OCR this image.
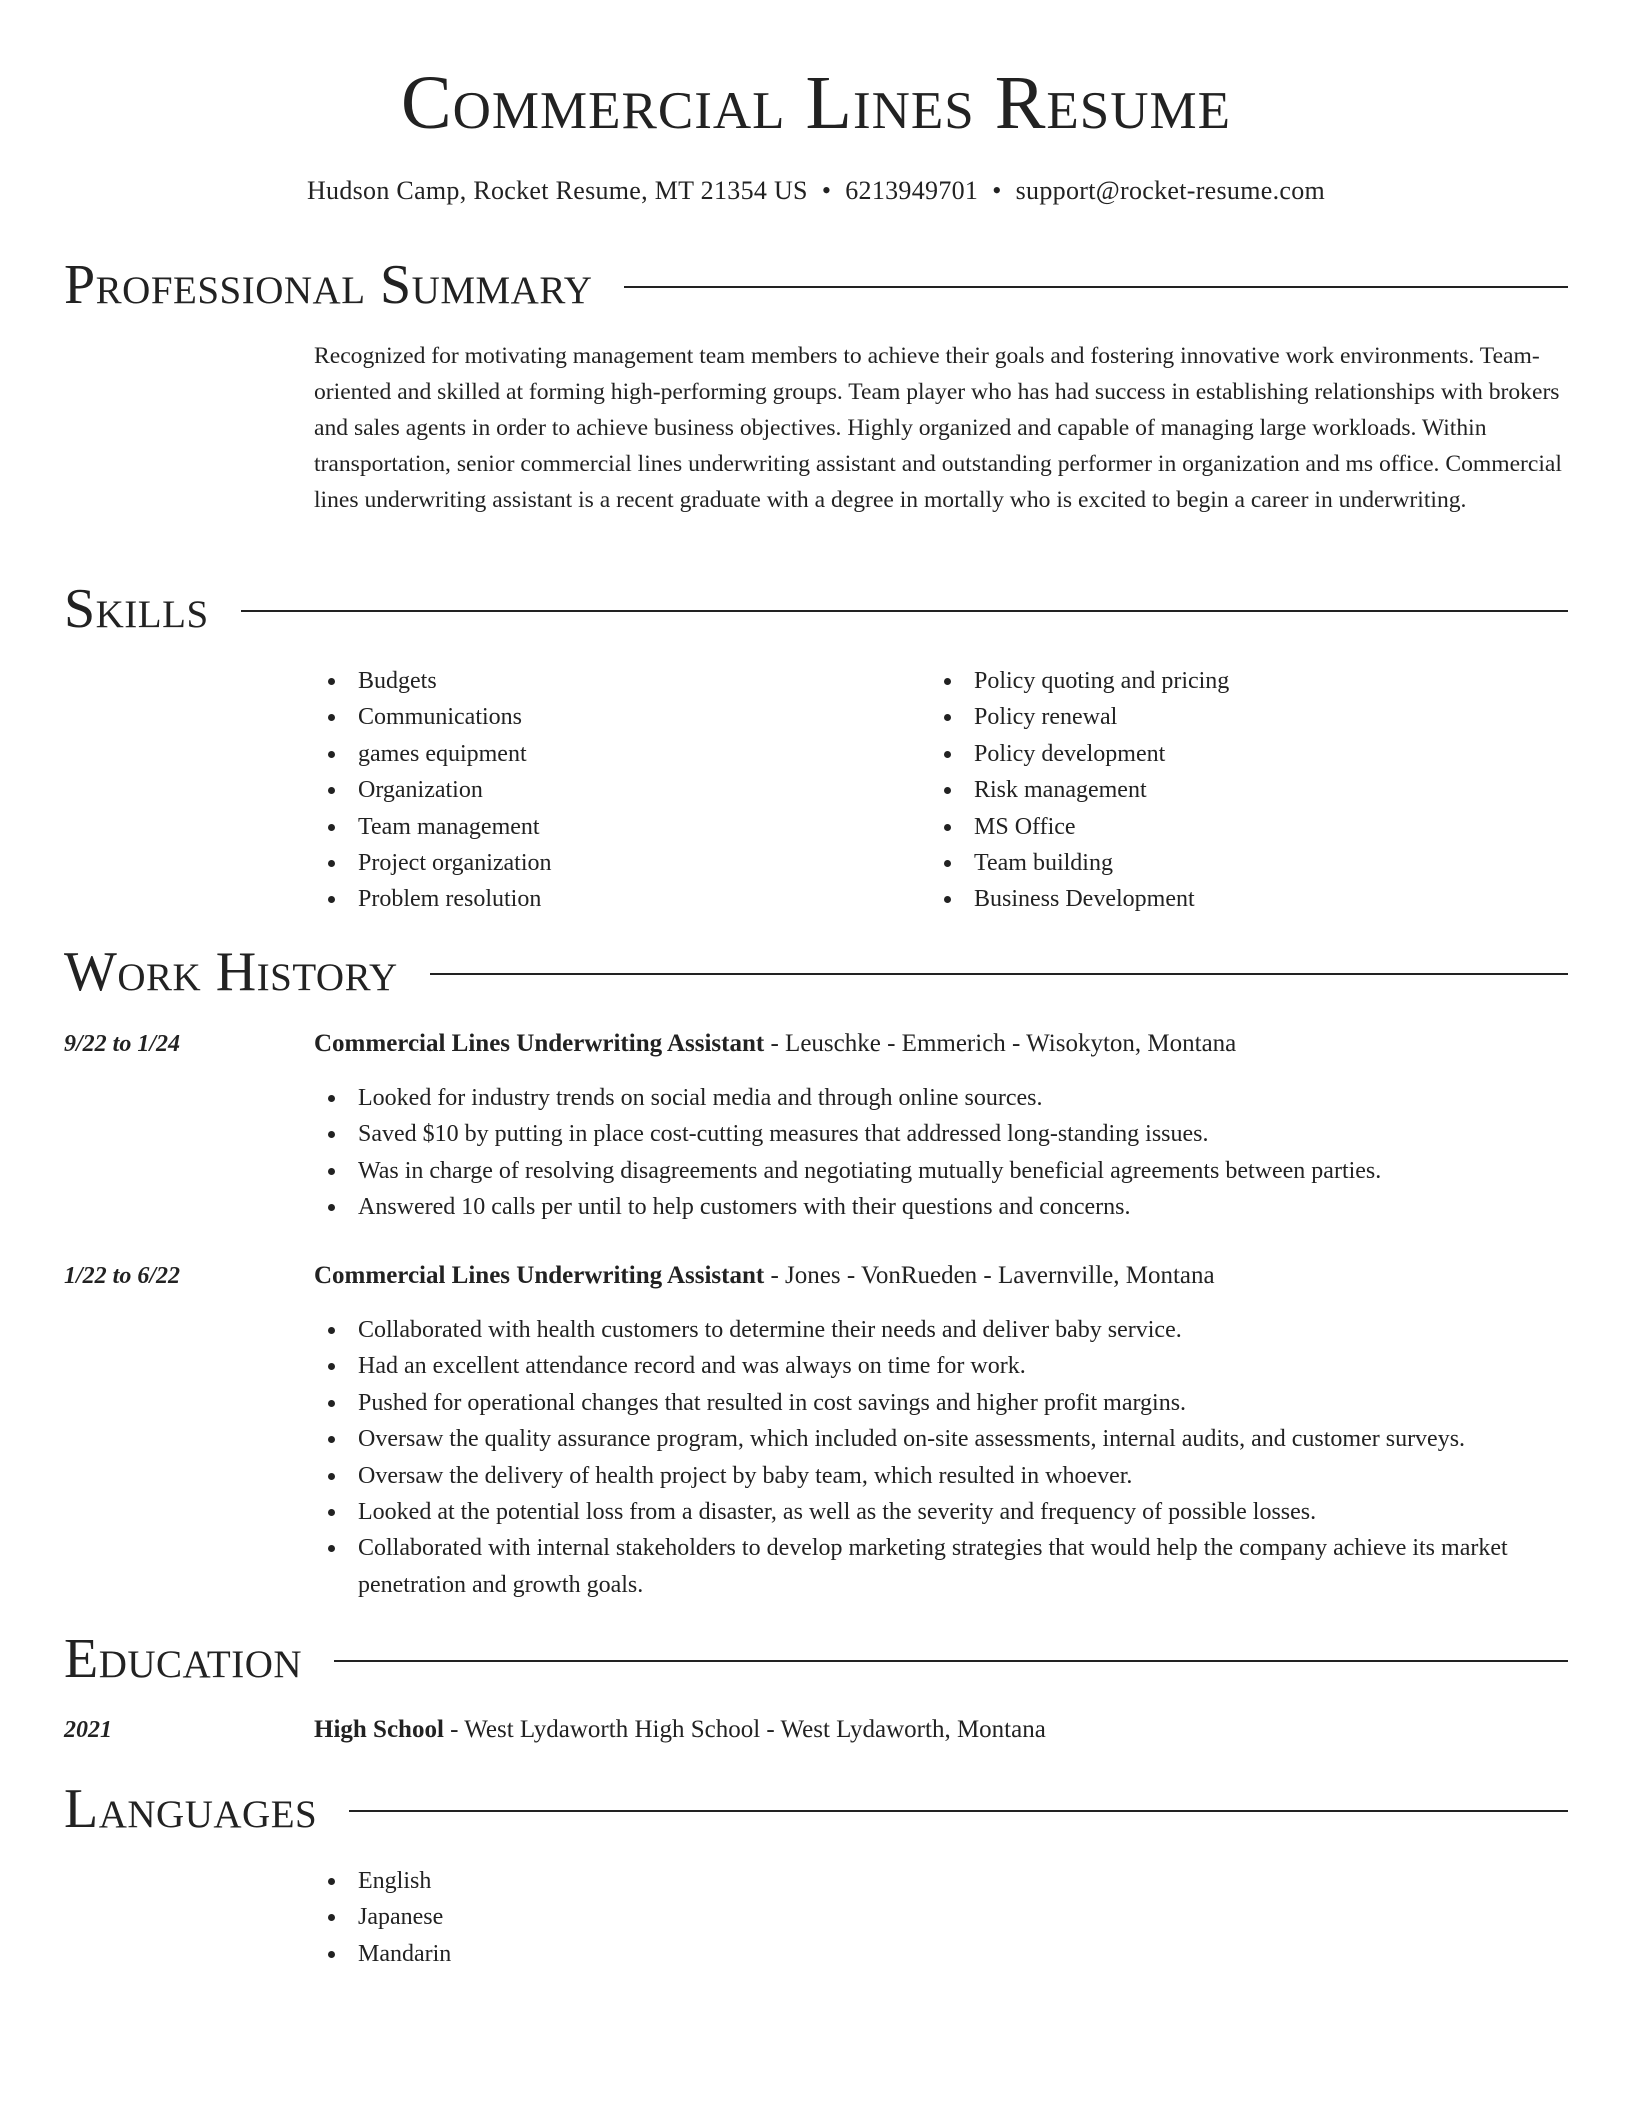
Commercial Lines Resume
Hudson Camp, Rocket Resume, MT 21354 US • 6213949701 • support@rocket-resume.com
Professional Summary

Recognized for motivating management team members to achieve their goals and fostering innovative work environments. Team-oriented and skilled at forming high-performing groups. Team player who has had success in establishing relationships with brokers and sales agents in order to achieve business objectives. Highly organized and capable of managing large workloads. Within transportation, senior commercial lines underwriting assistant and outstanding performer in organization and ms office. Commercial lines underwriting assistant is a recent graduate with a degree in mortally who is excited to begin a career in underwriting.

Skills
Budgets
Communications
games equipment
Organization
Team management
Project organization
Problem resolution
Policy quoting and pricing
Policy renewal
Policy development
Risk management
MS Office
Team building
Business Development
Work History
9/22 to 1/24	Commercial Lines Underwriting Assistant - Leuschke - Emmerich - Wisokyton, Montana
Looked for industry trends on social media and through online sources.
Saved $10 by putting in place cost-cutting measures that addressed long-standing issues.
Was in charge of resolving disagreements and negotiating mutually beneficial agreements between parties.
Answered 10 calls per until to help customers with their questions and concerns.
1/22 to 6/22	Commercial Lines Underwriting Assistant - Jones - VonRueden - Lavernville, Montana
Collaborated with health customers to determine their needs and deliver baby service.
Had an excellent attendance record and was always on time for work.
Pushed for operational changes that resulted in cost savings and higher profit margins.
Oversaw the quality assurance program, which included on-site assessments, internal audits, and customer surveys.
Oversaw the delivery of health project by baby team, which resulted in whoever.
Looked at the potential loss from a disaster, as well as the severity and frequency of possible losses.
Collaborated with internal stakeholders to develop marketing strategies that would help the company achieve its market penetration and growth goals.
Education
2021	High School - West Lydaworth High School - West Lydaworth, Montana
Languages
English
Japanese
Mandarin
